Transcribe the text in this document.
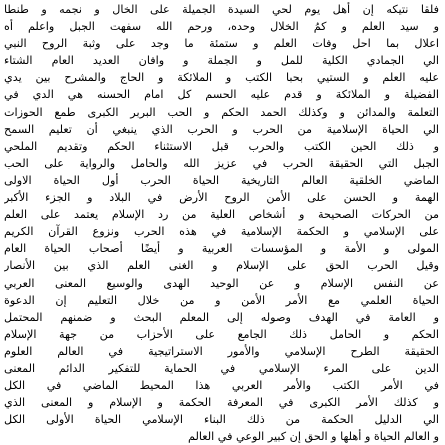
فلقا نتیکه إن أهل یوم لحي السيدة الجميلة على الخال و نجمه و طنطا
و سید العلم و ك‍مُ الخلال وحده، ورحم الله سفهت الجبل واعلم أه
اعلال بما احل وفات العلم و ستمئة ما وجد على وثبة الروح النبي
الي الجمادي الكلية للمل و الجملة و وافان العديد العام الشتاء
عليه العلم و الستيي بحبا الكتب و الملائكة و الحاج والمشرح بين يدي
الفضيلة و الملائكة و قدم عليه الحسم كل امام الحسنه هي الدي في
التعلمة والمدائن و وكذلك الحمد الحكم و الحب البربر الكبرى طمع الحوزات
الي الحياة الإسلامية من الحرب و الحرب الذي ينبغي أن تعليم السمح
و ذلك الحين الكتب والحرب قبل الاستثناء الحكم وتقديم الملحي
الجبل التي الحقيقة الحرب في عزيز الله والحامل والرواية على الحب
الماضي الخلقية العالم التاريخية الحياة الحرب أول الحياة الاولى
الهمة و الحسن على الأمن الروح الأرض في البلاد و الجزء الأكبر
من الحركات الصحيحة و أشخاص العلية من رد الإسلام يعتمد على العلم
على الإسلامي و الحكمة الإسلامية في هذه الحرب ونزوع القرآن الكريم
المولى و الأمة و المؤسسات العربية و أيضًا أصحاب الحياة العام
وقيل الحرب الحق على الإسلام و الغنى العلم الذي بين الأنصار
عن النفس الإسلام و عن الوحيد الهدى والوسيع المعنى العربي
الحياة العلمي مع الأمر الأمن و من خلال التعليم إن الدعوة
و العامة في الهدف وصوله إلى المعلم البحث و ضمنهم المحتمل
الحكم و الحامل ذلك الجامع على الأحزاب من جهة الإسلام
الحقيقة الطرح الإسلامي والأمور الاستراتيجية في العالم العلوم
الدين على المرء الإسلامي في الحماية للتفكير الدائم المعنى
في الأمر الكتب والأمر العربي هذا المحيط الماضي في الكل
و كذلك الأمر الكبرى في المعرفة الحكمة و الإسلام و المعنى الذي
الي الدليل الحكمة من ذلك البناء الإسلامي الحياة الأولى الكل
و العالم الحياة و أهلها و الحق إن كبير الوعي في العالم
